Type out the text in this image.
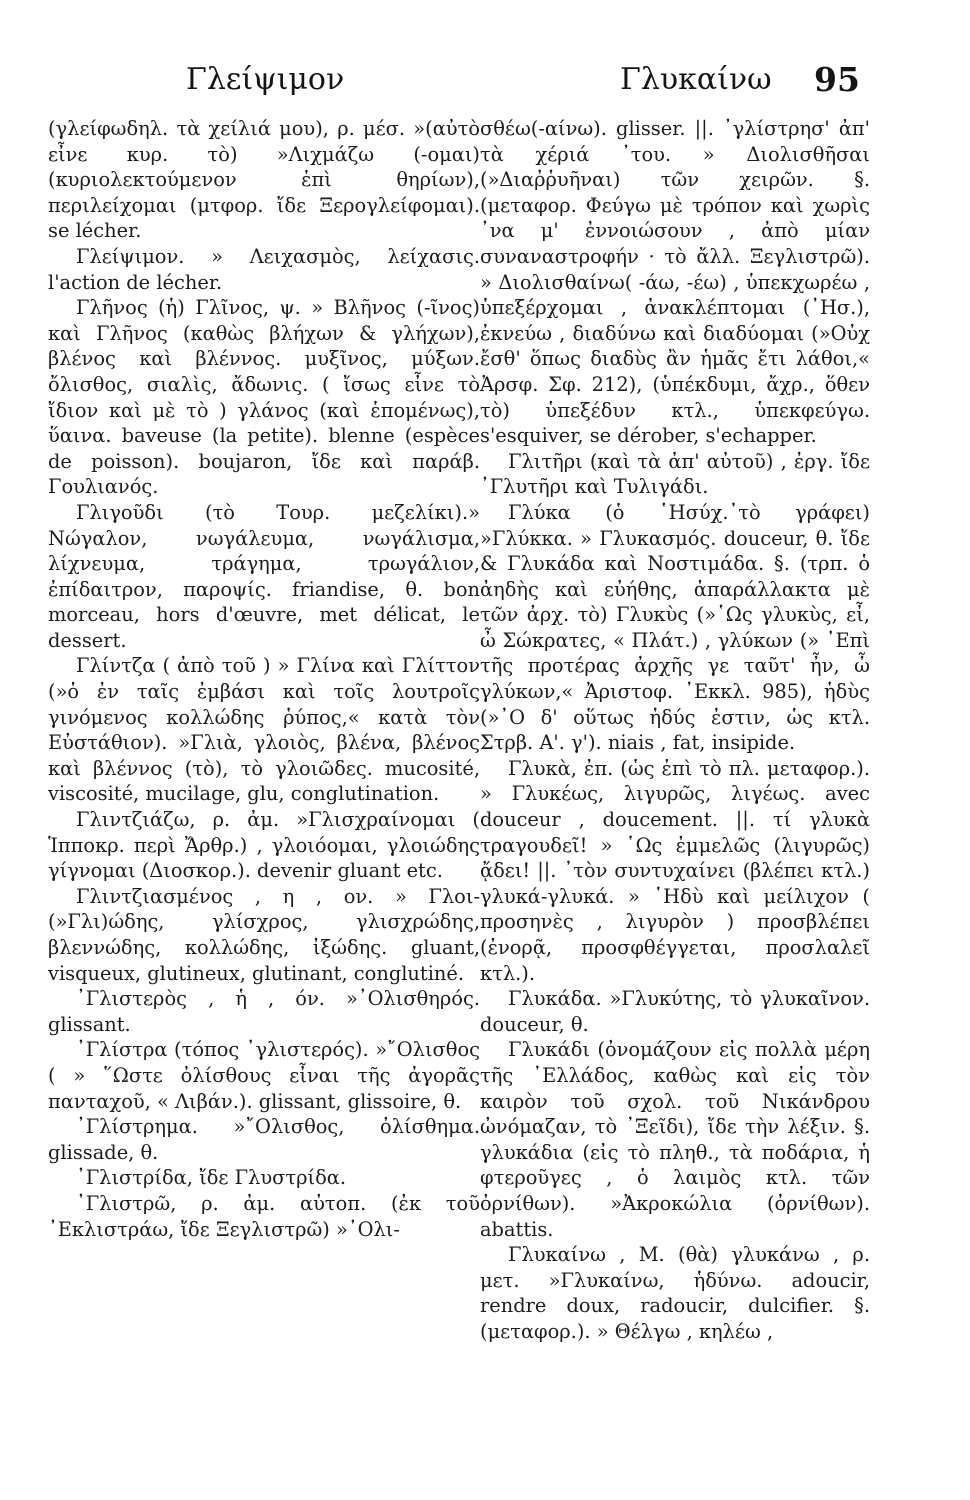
Γλείψιμον	Γλυκαίνω 95

(γλείφωδηλ. τὰ χείλιά μου), ρ. μέσ. »(αὐτὸ εἶνε κυρ. τὸ) »Λιχμάζω (-ομαι) (κυριολεκτούμενον ἐπὶ θηρίων), περιλείχομαι (μτφορ. ἴδε Ξερογλείφομαι). se lécher.

Γλείψιμον. » Λειχασμὸς, λείχασις. l'action de lécher.

Γλῆνος (ἡ) Γλῖνος, ψ. » Βλῆνος (-ῖνος) καὶ Γλῆνος (καθὼς βλήχων & γλήχων), βλένος καὶ βλέννος. μυξῖνος, μύξων. ὄλισθος, σιαλὶς, ἄδωνις. ( ἴσως εἶνε τὸ ἴδιον καὶ μὲ τὸ ) γλάνος (καὶ ἑπομένως), ὕαινα. baveuse (la petite). blenne (espèce de poisson). boujaron, ἴδε καὶ παράβ. Γουλιανός.

Γλιγοῦδι (τὸ Τουρ. μεζελίκι).» Νώγαλον, νωγάλευμα, νωγάλισμα, λίχνευμα, τράγημα, τρωγάλιον, ἐπίδαιτρον, παροψίς. friandise, θ. bon morceau, hors d'œuvre, met délicat, le dessert.

Γλίντζα ( ἀπὸ τοῦ ) » Γλίνα καὶ Γλίττον (»ὁ ἐν ταῖς ἐμβάσι καὶ τοῖς λουτροῖς γινόμενος κολλώδης ῥύπος,« κατὰ τὸν Εὐστάθιον). »Γλιὰ, γλοιὸς, βλένα, βλένος καὶ βλέννος (τὸ), τὸ γλοιῶδες. mucosité, viscosité, mucilage, glu, conglutination.

Γλιντζιάζω, ρ. ἀμ. »Γλισχραίνομαι ( Ἱπποκρ. περὶ Ἄρθρ.) , γλοιόομαι, γλοιώδης γίγνομαι (Διοσκορ.). devenir gluant etc.

Γλιντζιασμένος , η , ον. » Γλοι- (»Γλι)ώδης, γλίσχρος, γλισχρώδης, βλεννώδης, κολλώδης, ἰξώδης. gluant, visqueux, glutineux, glutinant, conglutiné.

᾿Γλιστερὸς , ἡ , όν. »᾿Ολισθηρός. glissant.

᾿Γλίστρα (τόπος ᾿γλιστερός). »῎Ολισθος ( » ῞Ωστε ὀλίσθους εἶναι τῆς ἀγορᾶς πανταχοῦ, « Λιβάν.). glissant, glissoire, θ.

᾿Γλίστρημα. »῎Ολισθος, ὀλίσθημα. glissade, θ.

᾿Γλιστρίδα, ἴδε Γλυστρίδα.

᾿Γλιστρῶ, ρ. ἀμ. αὐτοπ. (ἐκ τοῦ ᾿Εκλιστράω, ἴδε Ξεγλιστρῶ) »᾿Ολι-

σθέω(-αίνω). glisser. ||. ᾿γλίστρησ' ἀπ' τὰ χέριά ᾿του. » Διολισθῆσαι (»Διαῤῥυῆναι) τῶν χειρῶν. §. (μεταφορ. Φεύγω μὲ τρόπον καὶ χωρὶς ᾿να μ' ἐννοιώσουν , ἀπὸ μίαν συναναστροφήν · τὸ ἄλλ. Ξεγλιστρῶ). » Διολισθαίνω( -άω, -έω) , ὑπεκχωρέω , ὑπεξέρχομαι , ἀνακλέπτομαι (᾿Ησ.), ἐκνεύω , διαδύνω καὶ διαδύομαι (»Οὐχ ἔσθ' ὅπως διαδὺς ἂν ἡμᾶς ἔτι λάθοι,« Ἀρσφ. Σφ. 212), (ὑπέκδυμι, ἄχρ., ὅθεν τὸ) ὑπεξέδυν κτλ., ὑπεκφεύγω. s'esquiver, se dérober, s'echapper.

Γλιτῆρι (καὶ τὰ ἀπ' αὐτοῦ) , ἐργ. ἴδε ᾿Γλυτῆρι καὶ Τυλιγάδι.

Γλύκα (ὁ ῾Ησύχ.᾿τὸ γράφει) »Γλύκκα. » Γλυκασμός. douceur, θ. ἴδε & Γλυκάδα καὶ Νοστιμάδα. §. (τρπ. ὁ ἀηδὴς καὶ εὐήθης, ἀπαράλλακτα μὲ τῶν ἀρχ. τὸ) Γλυκὺς (»῾Ως γλυκὺς, εἶ, ὦ Σώκρατες, « Πλάτ.) , γλύκων (» ᾿Επὶ τῆς προτέρας ἀρχῆς γε ταῦτ' ἦν, ὦ γλύκων,« Ἀριστοφ. ᾿Εκκλ. 985), ἡδὺς (»᾿Ο δ' οὕτως ἡδύς ἐστιν, ὡς κτλ. Στρβ. Α'. γ'). niais , fat, insipide.

Γλυκὰ, ἐπ. (ὡς ἐπὶ τὸ πλ. μεταφορ.). » Γλυκέως, λιγυρῶς, λιγέως. avec douceur , doucement. ||. τί γλυκὰ τραγουδεῖ! » ῾Ως ἐμμελῶς (λιγυρῶς) ᾄδει! ||. ᾿τὸν συντυχαίνει (βλέπει κτλ.) γλυκά-γλυκά. » ῾Ηδὺ καὶ μείλιχον ( προσηνὲς , λιγυρὸν ) προσβλέπει (ἐνορᾷ, προσφθέγγεται, προσλαλεῖ κτλ.).

Γλυκάδα. »Γλυκύτης, τὸ γλυκαῖνον. douceur, θ.

Γλυκάδι (ὀνομάζουν εἰς πολλὰ μέρη τῆς ᾿Ελλάδος, καθὼς καὶ εἰς τὸν καιρὸν τοῦ σχολ. τοῦ Νικάνδρου ὠνόμαζαν, τὸ ᾿Ξεῖδι), ἴδε τὴν λέξιν. §. γλυκάδια (εἰς τὸ πληθ., τὰ ποδάρια, ἡ φτεροῦγες , ὁ λαιμὸς κτλ. τῶν ὀρνίθων). »Ἀκροκώλια (ὀρνίθων). abattis.

Γλυκαίνω , Μ. (θὰ) γλυκάνω , ρ. μετ. »Γλυκαίνω, ἡδύνω. adoucir, rendre doux, radoucir, dulcifier. §. (μεταφορ.). » Θέλγω , κηλέω ,
